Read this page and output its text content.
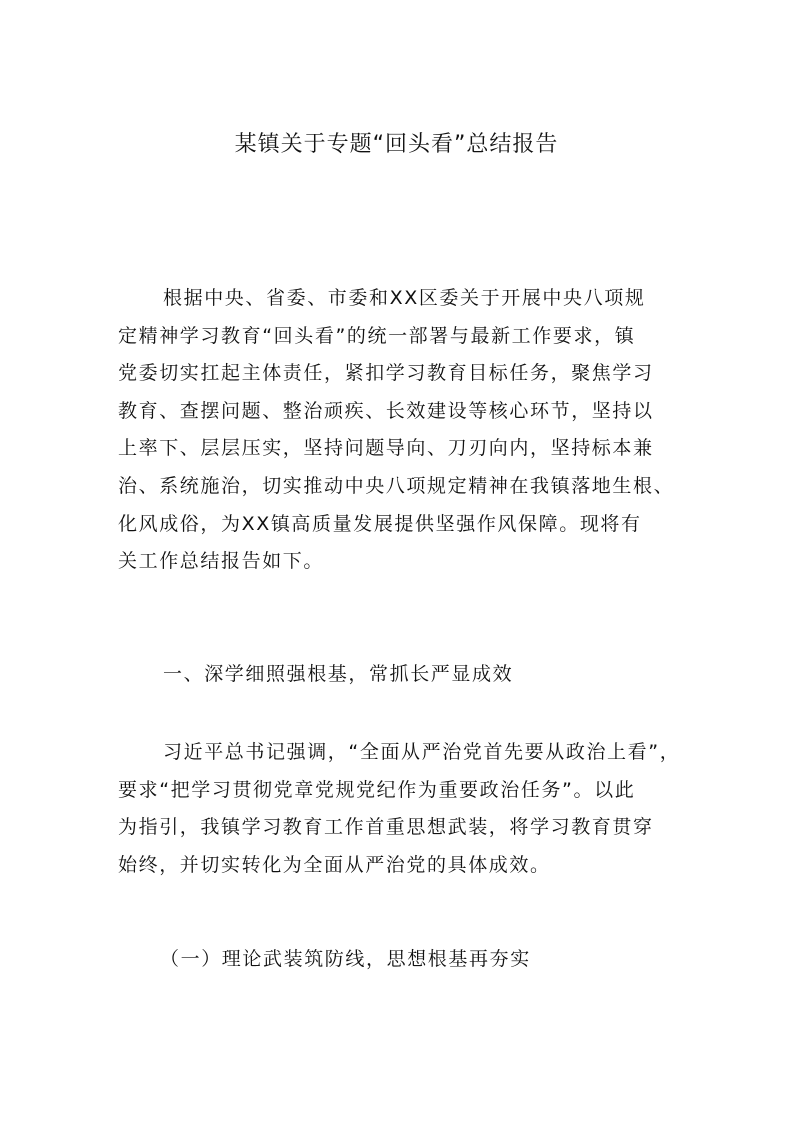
某镇关于专题“回头看”总结报告
根据中央、省委、市委和XX区委关于开展中央八项规
定精神学习教育“回头看”的统一部署与最新工作要求，镇
党委切实扛起主体责任，紧扣学习教育目标任务，聚焦学习
教育、查摆问题、整治顽疾、长效建设等核心环节，坚持以
上率下、层层压实，坚持问题导向、刀刃向内，坚持标本兼
治、系统施治，切实推动中央八项规定精神在我镇落地生根、
化风成俗，为XX镇高质量发展提供坚强作风保障。现将有
关工作总结报告如下。
一、深学细照强根基，常抓长严显成效
习近平总书记强调，“全面从严治党首先要从政治上看”，
要求“把学习贯彻党章党规党纪作为重要政治任务”。以此
为指引，我镇学习教育工作首重思想武装，将学习教育贯穿
始终，并切实转化为全面从严治党的具体成效。
（一）理论武装筑防线，思想根基再夯实
